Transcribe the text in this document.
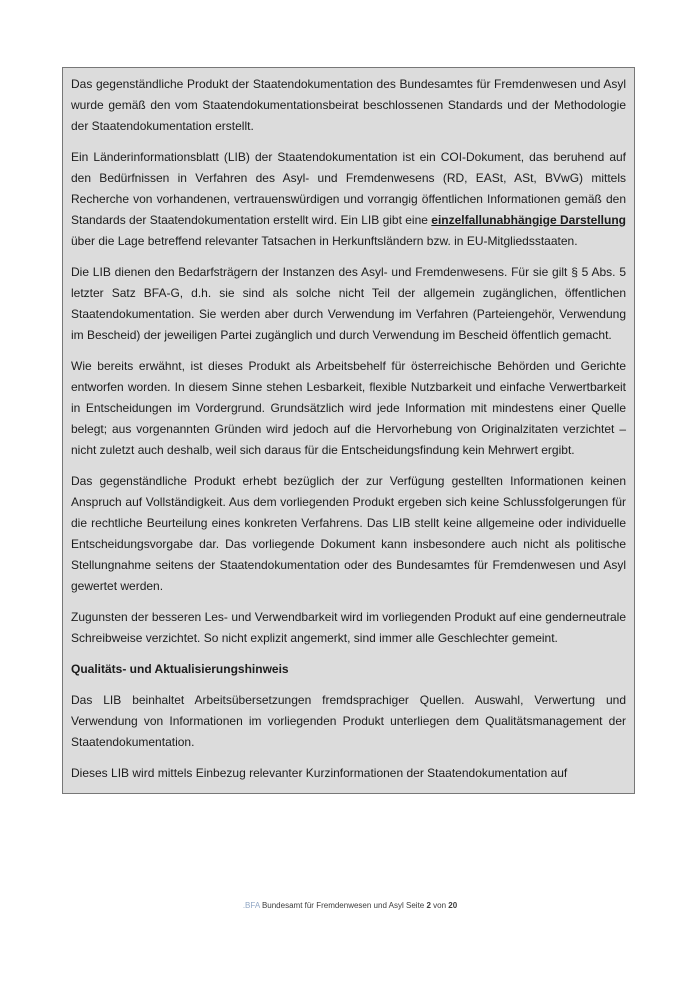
Das gegenständliche Produkt der Staatendokumentation des Bundesamtes für Fremdenwesen und Asyl wurde gemäß den vom Staatendokumentationsbeirat beschlossenen Standards und der Methodologie der Staatendokumentation erstellt.

Ein Länderinformationsblatt (LIB) der Staatendokumentation ist ein COI-Dokument, das beruhend auf den Bedürfnissen in Verfahren des Asyl- und Fremdenwesens (RD, EASt, ASt, BVwG) mittels Recherche von vorhandenen, vertrauenswürdigen und vorrangig öffentlichen Informationen gemäß den Standards der Staatendokumentation erstellt wird. Ein LIB gibt eine einzelfallunabhängige Darstellung über die Lage betreffend relevanter Tatsachen in Herkunftsländern bzw. in EU-Mitgliedsstaaten.

Die LIB dienen den Bedarfsträgern der Instanzen des Asyl- und Fremdenwesens. Für sie gilt § 5 Abs. 5 letzter Satz BFA-G, d.h. sie sind als solche nicht Teil der allgemein zugänglichen, öffentlichen Staatendokumentation. Sie werden aber durch Verwendung im Verfahren (Parteiengehör, Verwendung im Bescheid) der jeweiligen Partei zugänglich und durch Verwendung im Bescheid öffentlich gemacht.

Wie bereits erwähnt, ist dieses Produkt als Arbeitsbehelf für österreichische Behörden und Gerichte entworfen worden. In diesem Sinne stehen Lesbarkeit, flexible Nutzbarkeit und einfache Verwertbarkeit in Entscheidungen im Vordergrund. Grundsätzlich wird jede Information mit mindestens einer Quelle belegt; aus vorgenannten Gründen wird jedoch auf die Hervorhebung von Originalzitaten verzichtet – nicht zuletzt auch deshalb, weil sich daraus für die Entscheidungsfindung kein Mehrwert ergibt.

Das gegenständliche Produkt erhebt bezüglich der zur Verfügung gestellten Informationen keinen Anspruch auf Vollständigkeit. Aus dem vorliegenden Produkt ergeben sich keine Schlussfolgerungen für die rechtliche Beurteilung eines konkreten Verfahrens. Das LIB stellt keine allgemeine oder individuelle Entscheidungsvorgabe dar. Das vorliegende Dokument kann insbesondere auch nicht als politische Stellungnahme seitens der Staatendokumentation oder des Bundesamtes für Fremdenwesen und Asyl gewertet werden.

Zugunsten der besseren Les- und Verwendbarkeit wird im vorliegenden Produkt auf eine genderneutrale Schreibweise verzichtet. So nicht explizit angemerkt, sind immer alle Geschlechter gemeint.

Qualitäts- und Aktualisierungshinweis

Das LIB beinhaltet Arbeitsübersetzungen fremdsprachiger Quellen. Auswahl, Verwertung und Verwendung von Informationen im vorliegenden Produkt unterliegen dem Qualitätsmanagement der Staatendokumentation.

Dieses LIB wird mittels Einbezug relevanter Kurzinformationen der Staatendokumentation auf

.BFA Bundesamt für Fremdenwesen und Asyl Seite 2 von 20
